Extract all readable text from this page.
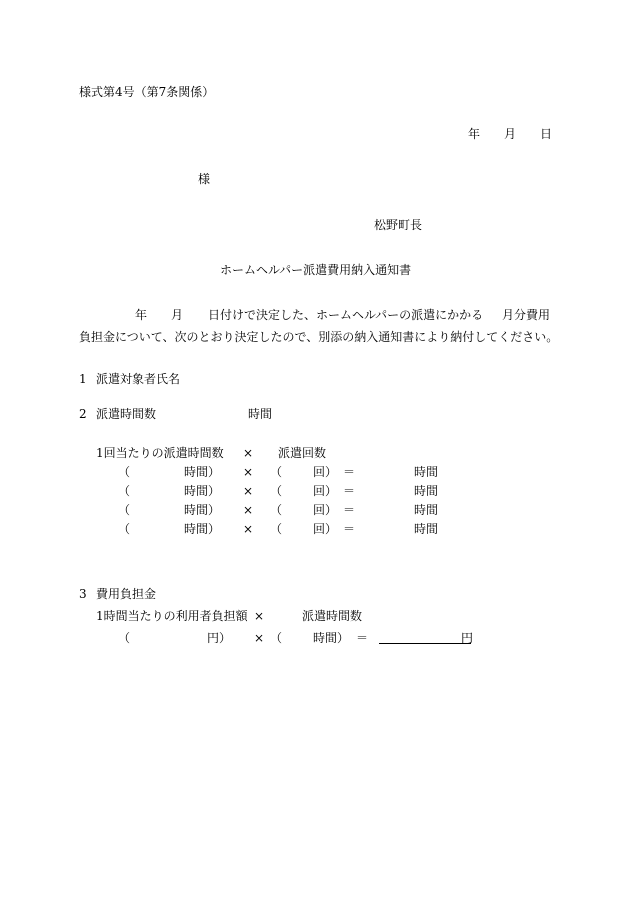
様式第4号（第7条関係）
年 月 日
様
松野町長
ホームヘルパー派遣費用納入通知書
年 月 日付けで決定した、ホームヘルパーの派遣にかかる 月分費用
負担金について、次のとおり決定したので、別添の納入通知書により納付してください。
1 派遣対象者氏名
2 派遣時間数	時間
1回当たりの派遣時間数 × 派遣回数
（	時間） × （	回） ＝	時間
（	時間） × （	回） ＝	時間
（	時間） × （	回） ＝	時間
（	時間） × （	回） ＝	時間
3 費用負担金
1時間当たりの利用者負担額 ×	派遣時間数
（	円） × （	時間） ＝	円
